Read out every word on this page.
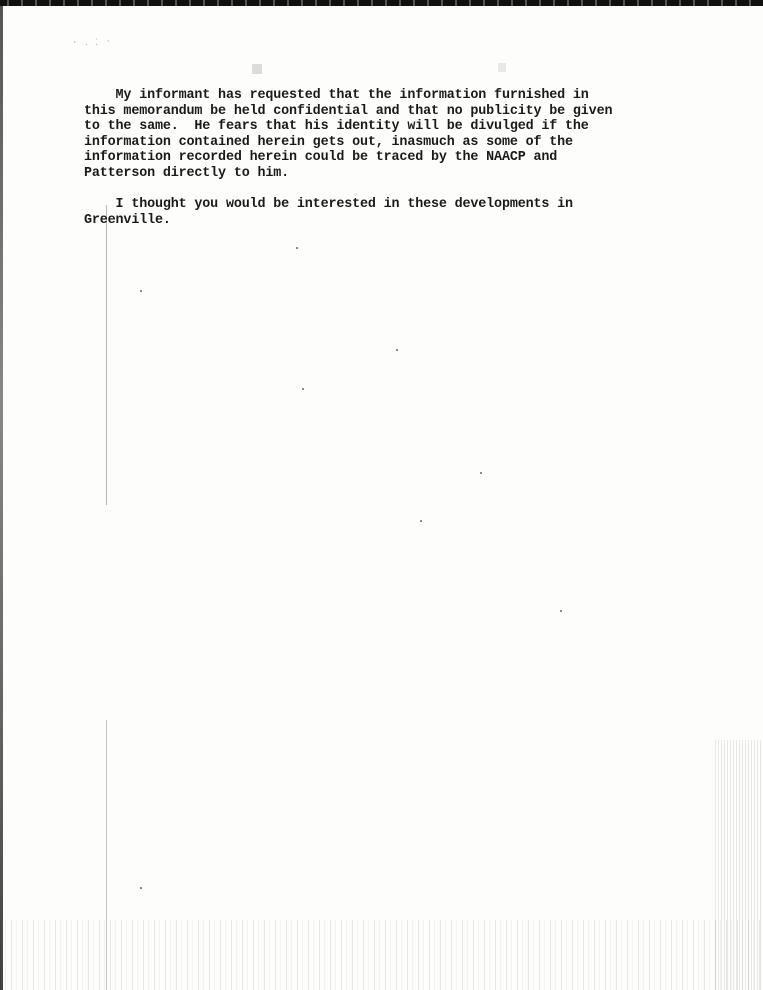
· ․ ⁚ ˑ

My informant has requested that the information furnished in
this memorandum be held confidential and that no publicity be given
to the same.  He fears that his identity will be divulged if the
information contained herein gets out, inasmuch as some of the
information recorded herein could be traced by the NAACP and
Patterson directly to him.

I thought you would be interested in these developments in
Greenville.
